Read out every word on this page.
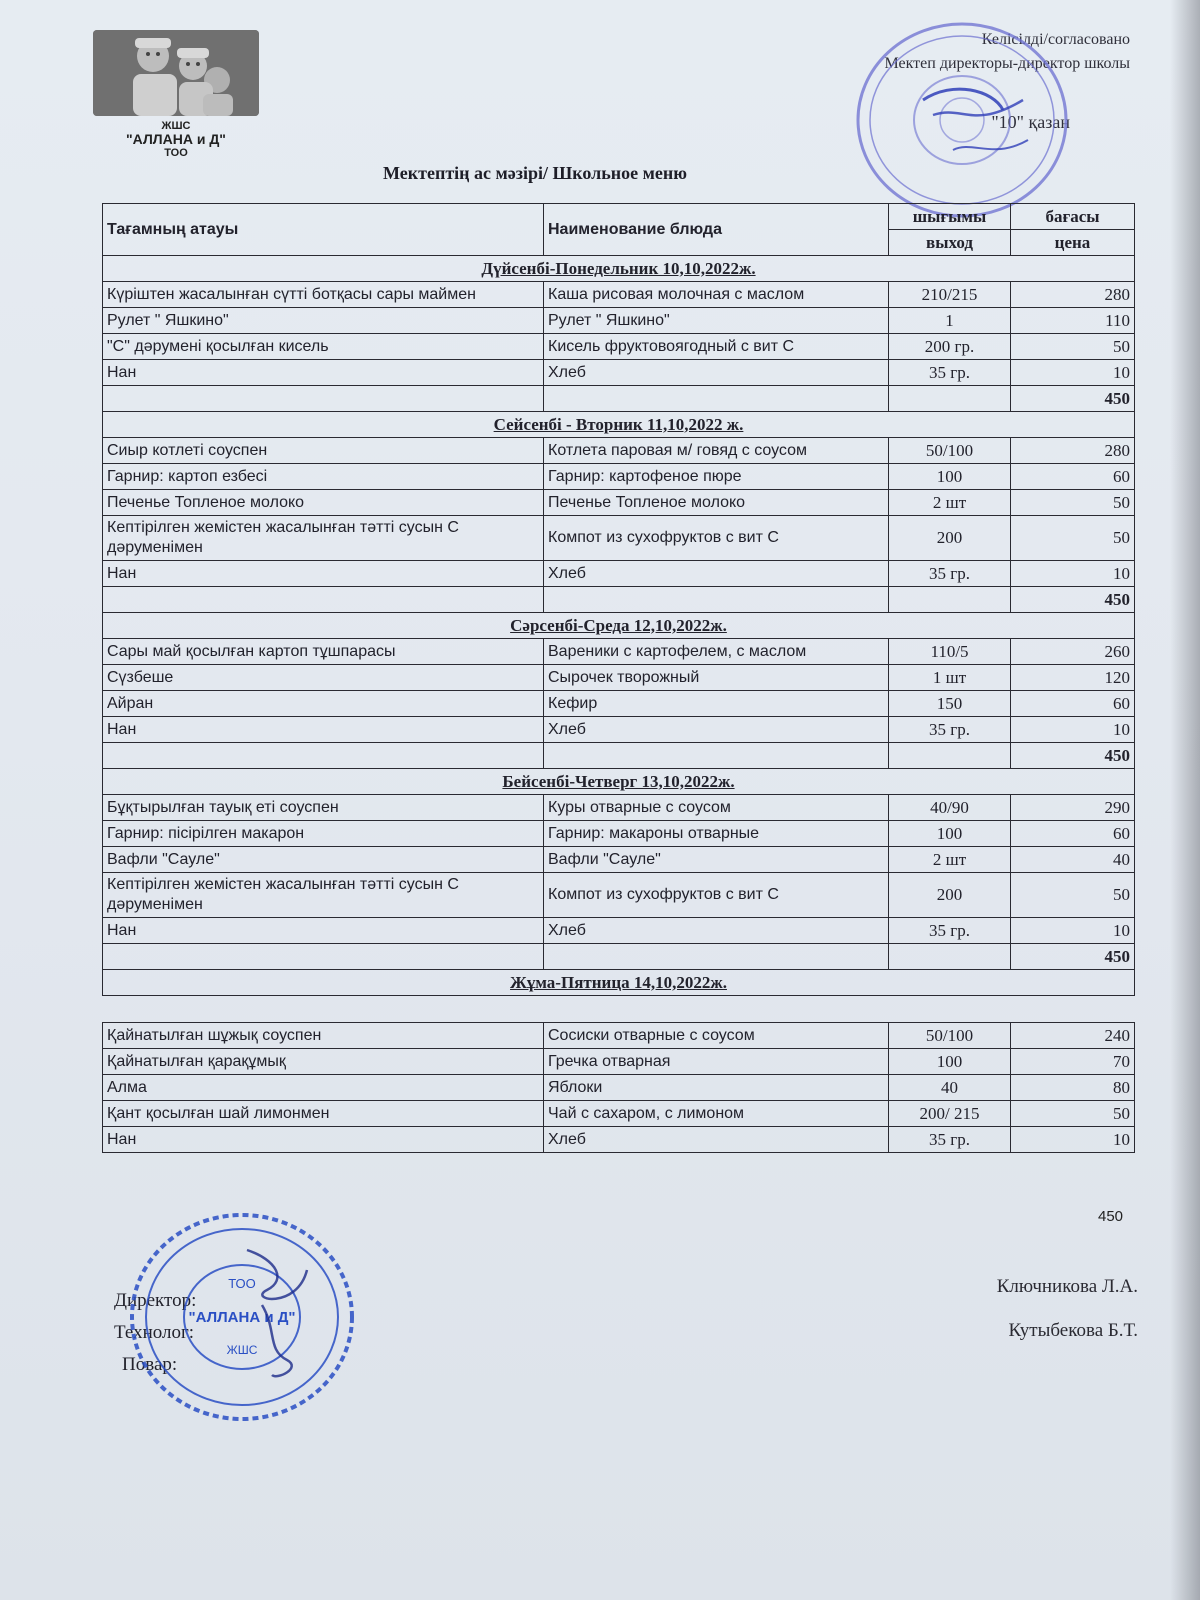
ЖШС
"АЛЛАНА и Д"
ТОО
Келісілді/согласовано
Мектеп директоры-директор школы
"10" қазан
Мектептің ас мәзірі/ Школьное меню
Тағамның атауы	Наименование блюда	шығымы	бағасы
		выход	цена
Дүйсенбі-Понедельник 10,10,2022ж.			
Күріштен жасалынған сүтті ботқасы сары маймен	Каша рисовая молочная с маслом	210/215	280
Рулет " Яшкино"	Рулет " Яшкино"	1	110
"С" дәрумені қосылған кисель	Кисель фруктовоягодный с вит С	200 гр.	50
Нан	Хлеб	35 гр.	10
			450
Сейсенбі - Вторник 11,10,2022 ж.			
Сиыр котлеті соуспен	Котлета паровая м/ говяд с соусом	50/100	280
Гарнир: картоп езбесі	Гарнир: картофеное пюре	100	60
Печенье Топленое молоко	Печенье Топленое молоко	2 шт	50
Кептірілген жемістен жасалынған тәтті сусын С дәруменімен	Компот из сухофруктов с вит С	200	50
Нан	Хлеб	35 гр.	10
			450
Сәрсенбі-Среда 12,10,2022ж.			
Сары май қосылған картоп тұшпарасы	Вареники с картофелем, с маслом	110/5	260
Сүзбеше	Сырочек творожный	1 шт	120
Айран	Кефир	150	60
Нан	Хлеб	35 гр.	10
			450
Бейсенбі-Четверг 13,10,2022ж.			
Бұқтырылған тауық еті соуспен	Куры отварные с соусом	40/90	290
Гарнир: пісірілген макарон	Гарнир: макароны отварные	100	60
Вафли "Сауле"	Вафли "Сауле"	2 шт	40
Кептірілген жемістен жасалынған тәтті сусын С дәруменімен	Компот из сухофруктов с вит С	200	50
Нан	Хлеб	35 гр.	10
			450
Жұма-Пятница 14,10,2022ж.			

Қайнатылған шұжық соуспен	Сосиски отварные с соусом	50/100	240
Қайнатылған қарақұмық	Гречка отварная	100	70
Алма	Яблоки	40	80
Қант қосылған шай лимонмен	Чай с сахаром, с лимоном	200/ 215	50
Нан	Хлеб	35 гр.	10
450
Директор:
Технолог:
Повар:
Ключникова Л.А.
Кутыбекова Б.Т.
ТОО
"АЛЛАНА и Д"
ЖШС
